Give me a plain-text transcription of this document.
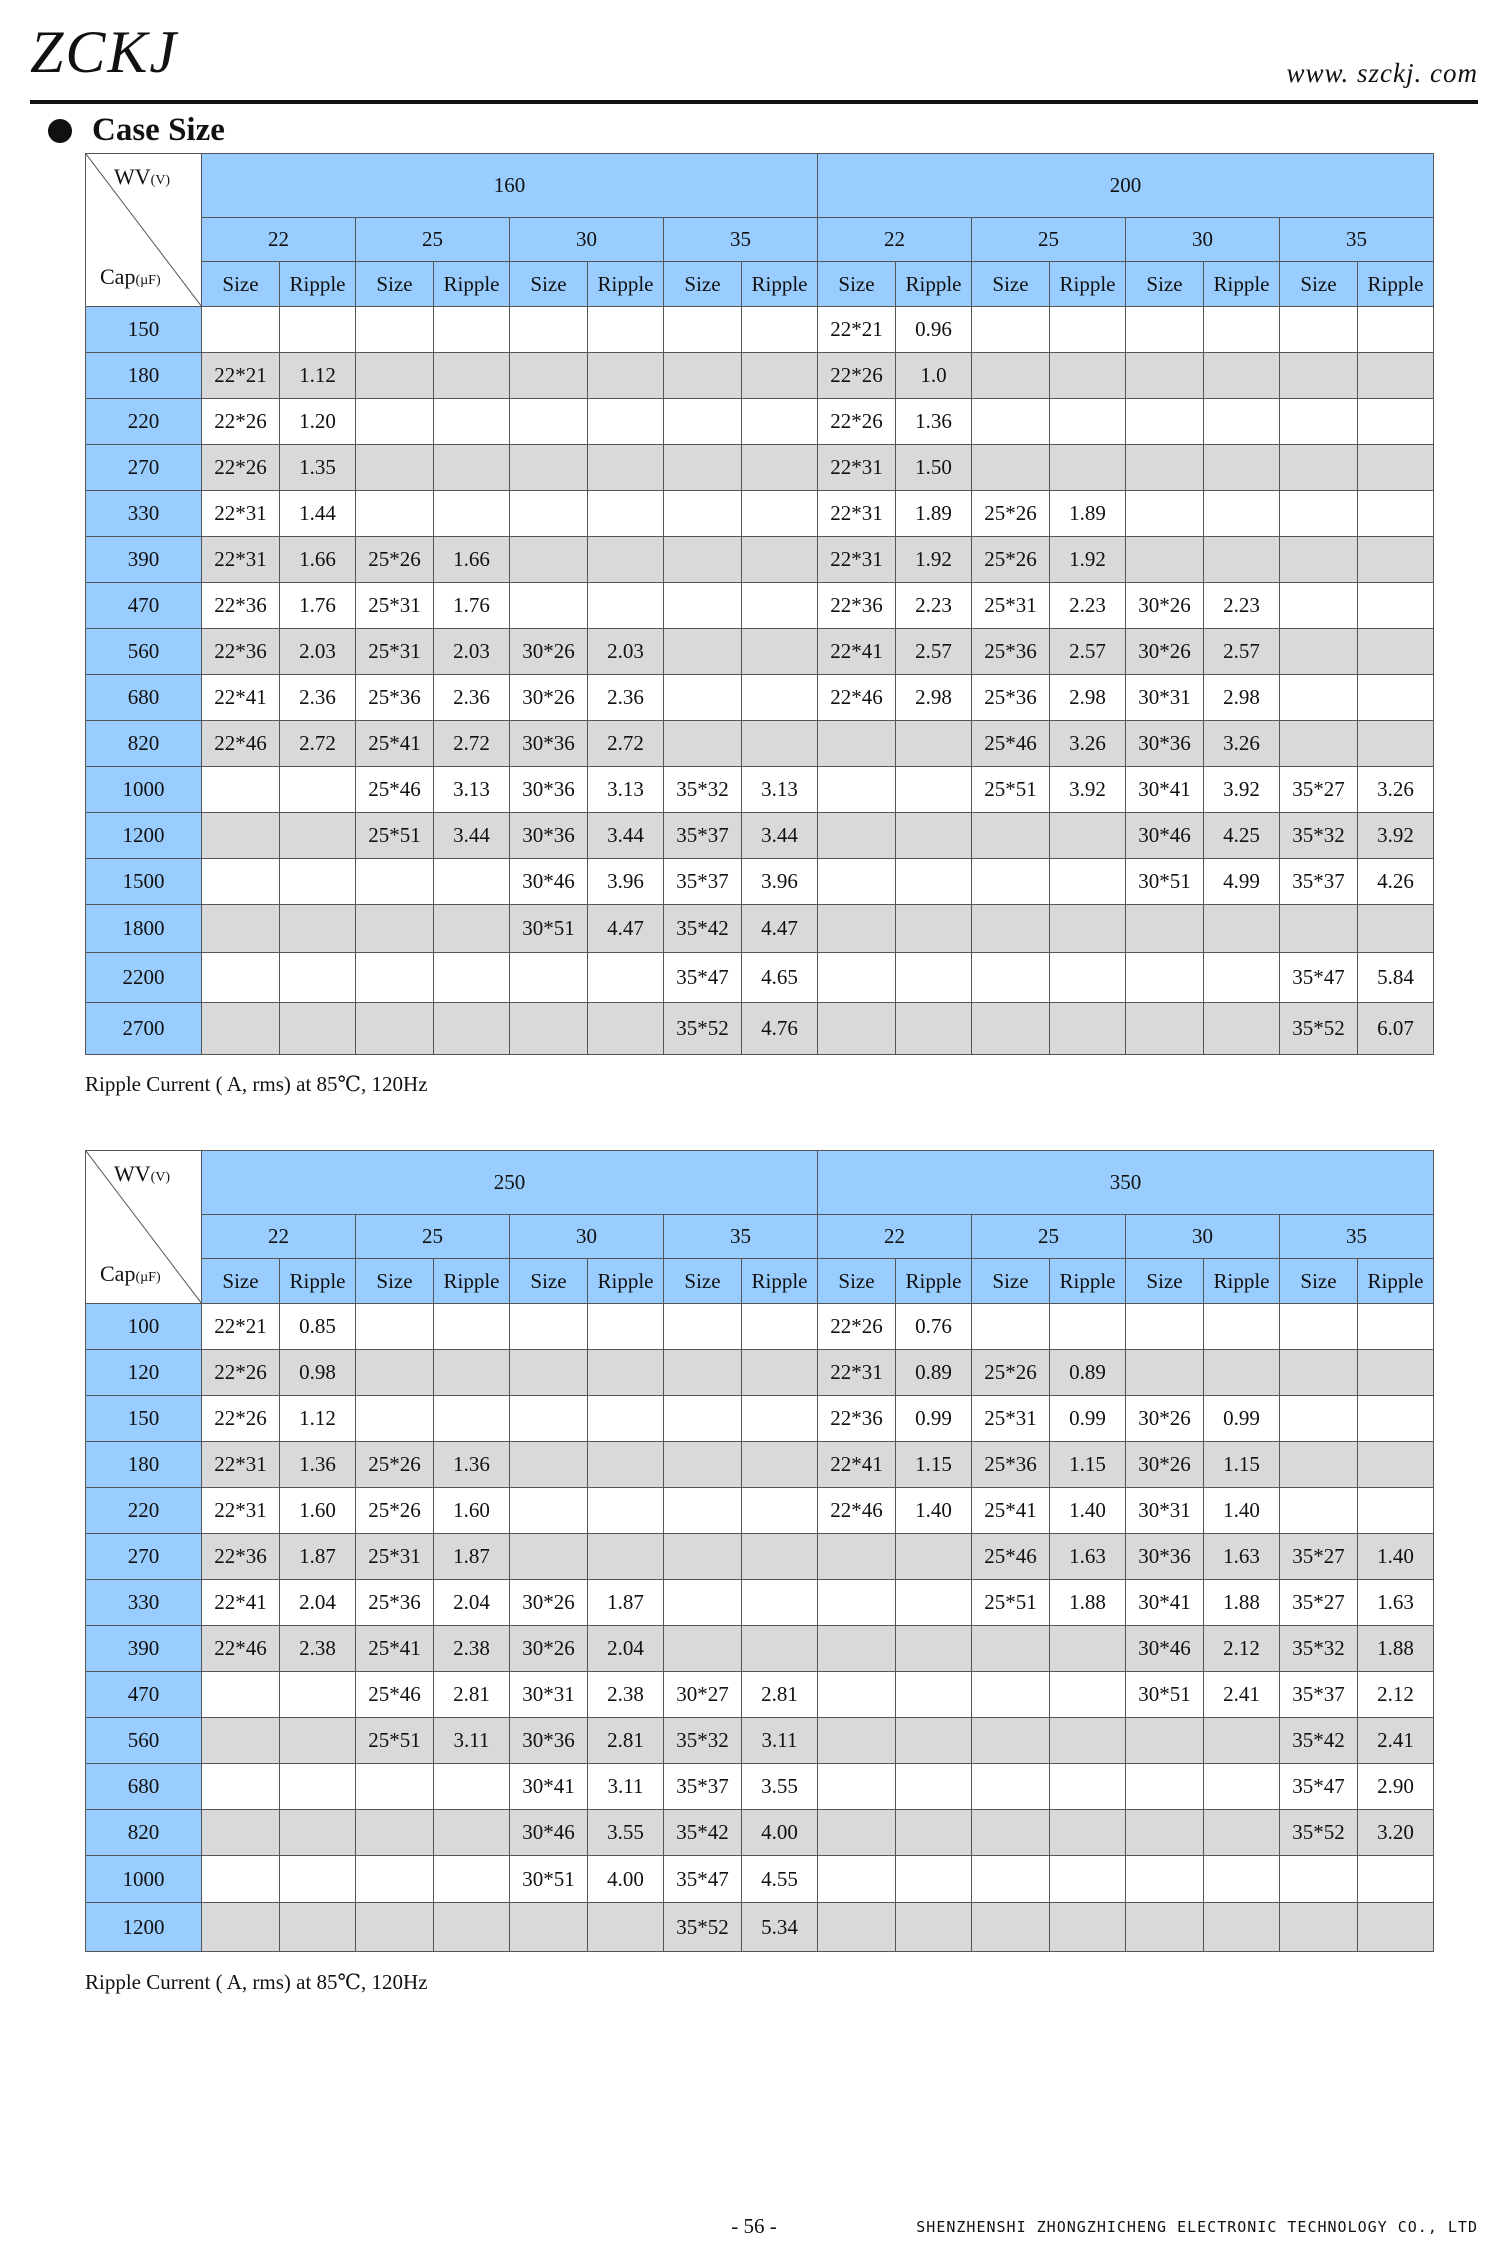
ZCKJ	www. szckj. com
Case Size
WV(V)
Cap(µF)	160								200							
	22		25		30		35		22		25		30		35	
	Size	Ripple	Size	Ripple	Size	Ripple	Size	Ripple	Size	Ripple	Size	Ripple	Size	Ripple	Size	Ripple
150									22*21	0.96						
180	22*21	1.12							22*26	1.0						
220	22*26	1.20							22*26	1.36						
270	22*26	1.35							22*31	1.50						
330	22*31	1.44							22*31	1.89	25*26	1.89				
390	22*31	1.66	25*26	1.66					22*31	1.92	25*26	1.92				
470	22*36	1.76	25*31	1.76					22*36	2.23	25*31	2.23	30*26	2.23		
560	22*36	2.03	25*31	2.03	30*26	2.03			22*41	2.57	25*36	2.57	30*26	2.57		
680	22*41	2.36	25*36	2.36	30*26	2.36			22*46	2.98	25*36	2.98	30*31	2.98		
820	22*46	2.72	25*41	2.72	30*36	2.72					25*46	3.26	30*36	3.26		
1000			25*46	3.13	30*36	3.13	35*32	3.13			25*51	3.92	30*41	3.92	35*27	3.26
1200			25*51	3.44	30*36	3.44	35*37	3.44					30*46	4.25	35*32	3.92
1500					30*46	3.96	35*37	3.96					30*51	4.99	35*37	4.26
1800					30*51	4.47	35*42	4.47								
2200							35*47	4.65							35*47	5.84
2700							35*52	4.76							35*52	6.07
Ripple Current ( A, rms) at 85℃, 120Hz
WV(V)
Cap(µF)	250								350							
	22		25		30		35		22		25		30		35	
	Size	Ripple	Size	Ripple	Size	Ripple	Size	Ripple	Size	Ripple	Size	Ripple	Size	Ripple	Size	Ripple
100	22*21	0.85							22*26	0.76						
120	22*26	0.98							22*31	0.89	25*26	0.89				
150	22*26	1.12							22*36	0.99	25*31	0.99	30*26	0.99		
180	22*31	1.36	25*26	1.36					22*41	1.15	25*36	1.15	30*26	1.15		
220	22*31	1.60	25*26	1.60					22*46	1.40	25*41	1.40	30*31	1.40		
270	22*36	1.87	25*31	1.87							25*46	1.63	30*36	1.63	35*27	1.40
330	22*41	2.04	25*36	2.04	30*26	1.87					25*51	1.88	30*41	1.88	35*27	1.63
390	22*46	2.38	25*41	2.38	30*26	2.04							30*46	2.12	35*32	1.88
470			25*46	2.81	30*31	2.38	30*27	2.81					30*51	2.41	35*37	2.12
560			25*51	3.11	30*36	2.81	35*32	3.11							35*42	2.41
680					30*41	3.11	35*37	3.55							35*47	2.90
820					30*46	3.55	35*42	4.00							35*52	3.20
1000					30*51	4.00	35*47	4.55								
1200							35*52	5.34								
Ripple Current ( A, rms) at 85℃, 120Hz
- 56 -	SHENZHENSHI ZHONGZHICHENG ELECTRONIC TECHNOLOGY CO., LTD
